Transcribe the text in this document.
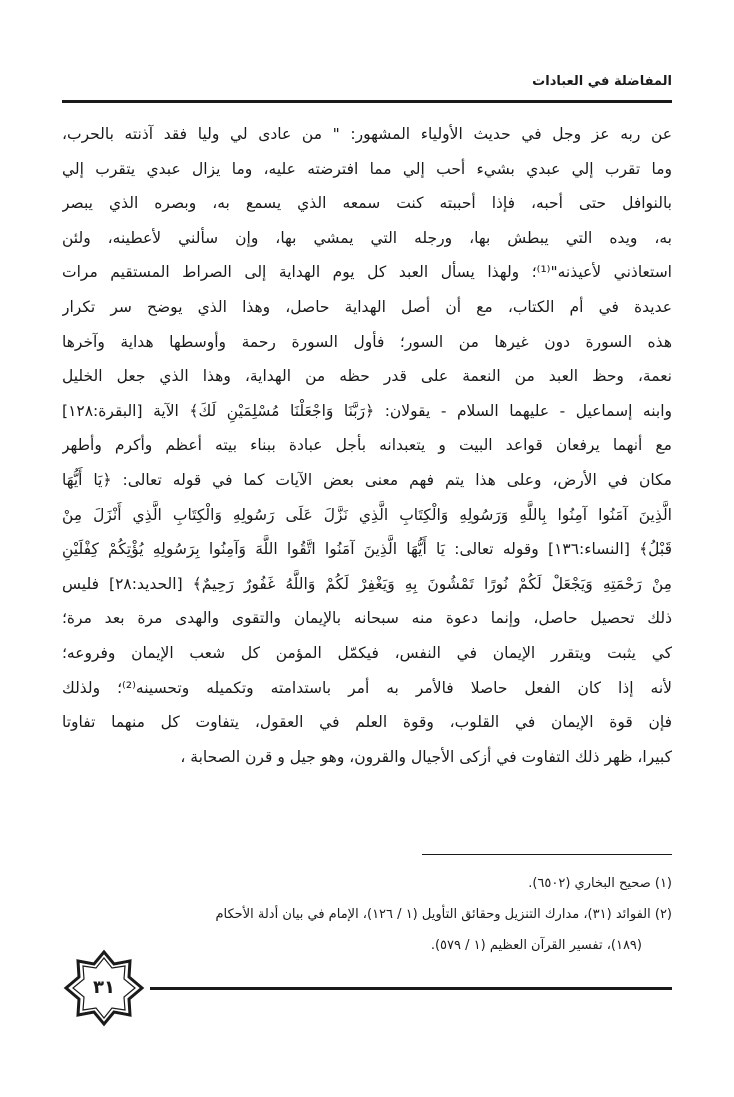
المفاضلة في العبادات
عن ربه عز وجل في حديث الأولياء المشهور: " من عادى لي وليا فقد آذنته بالحرب،
وما تقرب إلي عبدي بشيء أحب إلي مما افترضته عليه، وما يزال عبدي يتقرب إلي
بالنوافل حتى أحبه، فإذا أحببته كنت سمعه الذي يسمع به، وبصره الذي يبصر
به، ويده التي يبطش بها، ورجله التي يمشي بها، وإن سألني لأعطينه، ولئن
استعاذني لأعيذنه"⁽¹⁾؛ ولهذا يسأل العبد كل يوم الهداية إلى الصراط المستقيم مرات
عديدة في أم الكتاب، مع أن أصل الهداية حاصل، وهذا الذي يوضح سر تكرار
هذه السورة دون غيرها من السور؛ فأول السورة رحمة وأوسطها هداية وآخرها
نعمة، وحظ العبد من النعمة على قدر حظه من الهداية، وهذا الذي جعل الخليل
وابنه إسماعيل - عليهما السلام - يقولان: ﴿رَبَّنَا وَاجْعَلْنَا مُسْلِمَيْنِ لَكَ﴾ الآية [البقرة:١٢٨]
مع أنهما يرفعان قواعد البيت و يتعبدانه بأجل عبادة ببناء بيته أعظم وأكرم وأطهر
مكان في الأرض، وعلى هذا يتم فهم معنى بعض الآيات كما في قوله تعالى: ﴿يَا أَيُّهَا
الَّذِينَ آمَنُوا آمِنُوا بِاللَّهِ وَرَسُولِهِ وَالْكِتَابِ الَّذِي نَزَّلَ عَلَى رَسُولِهِ وَالْكِتَابِ الَّذِي أَنْزَلَ مِنْ
قَبْلُ﴾ [النساء:١٣٦] وقوله تعالى: يَا أَيُّهَا الَّذِينَ آمَنُوا اتَّقُوا اللَّهَ وَآمِنُوا بِرَسُولِهِ يُؤْتِكُمْ كِفْلَيْنِ
مِنْ رَحْمَتِهِ وَيَجْعَلْ لَكُمْ نُورًا تَمْشُونَ بِهِ وَيَغْفِرْ لَكُمْ وَاللَّهُ غَفُورٌ رَحِيمٌ﴾ [الحديد:٢٨] فليس
ذلك تحصيل حاصل، وإنما دعوة منه سبحانه بالإيمان والتقوى والهدى مرة بعد مرة؛
كي يثبت ويتقرر الإيمان في النفس، فيكمّل المؤمن كل شعب الإيمان وفروعه؛
لأنه إذا كان الفعل حاصلا فالأمر به أمر باستدامته وتكميله وتحسينه⁽²⁾؛ ولذلك
فإن قوة الإيمان في القلوب، وقوة العلم في العقول، يتفاوت كل منهما تفاوتا
كبيرا، ظهر ذلك التفاوت في أزكى الأجيال والقرون، وهو جيل و قرن الصحابة ،
(١) صحيح البخاري (٦٥٠٢).
(٢) الفوائد (٣١)، مدارك التنزيل وحقائق التأويل (١ / ١٢٦)، الإمام في بيان أدلة الأحكام
(١٨٩)، تفسير القرآن العظيم (١ / ٥٧٩).
٣١
